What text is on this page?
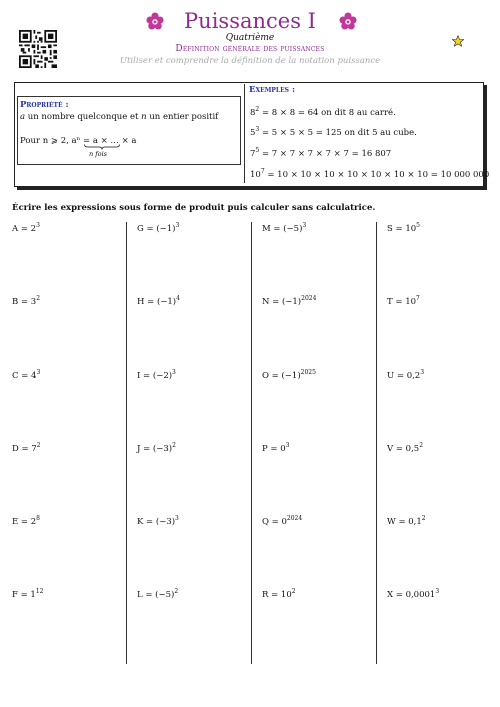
Puissances I
Quatrième
Définition générale des puissances
Utiliser et comprendre la définition de la notation puissance
Propriété :
a un nombre quelconque et n un entier positif
Pour n ⩾ 2, aⁿ = a × … × a
n fois
Exemples :
$8^2 = 8 \times 8 = 64$ on dit 8 au carré.
$5^3 = 5 \times 5 \times 5 = 125$ on dit 5 au cube.
$7^5 = 7 \times 7 \times 7 \times 7 \times 7 = 16$ 807
$10^7 = 10 \times 10 \times 10 \times 10 \times 10 \times 10 \times 10 = 10$ 000 000
Écrire les expressions sous forme de produit puis calculer sans calculatrice.
$A = 2^3$
$B = 3^2$
$C = 4^3$
$D = 7^2$
$E = 2^8$
$F = 1^{12}$
$G = (-1)^3$
$H = (-1)^4$
$I = (-2)^3$
$J = (-3)^2$
$K = (-3)^3$
$L = (-5)^2$
$M = (-5)^3$
$N = (-1)^{2024}$
$O = (-1)^{2025}$
$P = 0^3$
$Q = 0^{2024}$
$R = 10^2$
$S = 10^5$
$T = 10^7$
$U = 0,2^3$
$V = 0,5^2$
$W = 0,1^2$
$X = 0,0001^3$
